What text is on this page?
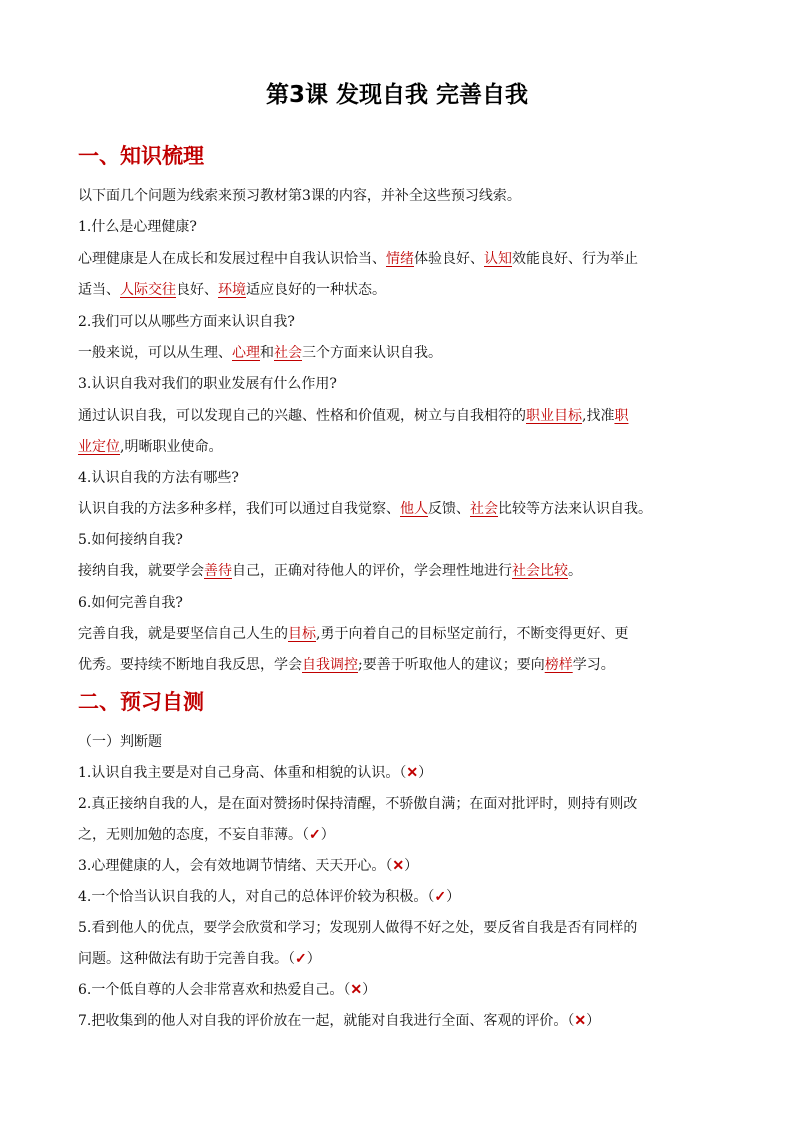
第3课 发现自我 完善自我
一、知识梳理
以下面几个问题为线索来预习教材第3课的内容，并补全这些预习线索。
1.什么是心理健康?
心理健康是人在成长和发展过程中自我认识恰当、情绪体验良好、认知效能良好、行为举止
适当、人际交往良好、环境适应良好的一种状态。
2.我们可以从哪些方面来认识自我?
一般来说，可以从生理、心理和社会三个方面来认识自我。
3.认识自我对我们的职业发展有什么作用?
通过认识自我，可以发现自己的兴趣、性格和价值观，树立与自我相符的职业目标,找准职
业定位,明晰职业使命。
4.认识自我的方法有哪些?
认识自我的方法多种多样，我们可以通过自我觉察、他人反馈、社会比较等方法来认识自我。
5.如何接纳自我?
接纳自我，就要学会善待自己，正确对待他人的评价，学会理性地进行社会比较。
6.如何完善自我?
完善自我，就是要坚信自己人生的目标,勇于向着自己的目标坚定前行，不断变得更好、更
优秀。要持续不断地自我反思，学会自我调控;要善于听取他人的建议；要向榜样学习。
二、预习自测
（一）判断题
1.认识自我主要是对自己身高、体重和相貌的认识。（✕）
2.真正接纳自我的人，是在面对赞扬时保持清醒，不骄傲自满；在面对批评时，则持有则改
之，无则加勉的态度，不妄自菲薄。（✓）
3.心理健康的人，会有效地调节情绪、天天开心。（✕）
4.一个恰当认识自我的人，对自己的总体评价较为积极。（✓）
5.看到他人的优点，要学会欣赏和学习；发现别人做得不好之处，要反省自我是否有同样的
问题。这种做法有助于完善自我。（✓）
6.一个低自尊的人会非常喜欢和热爱自己。（✕）
7.把收集到的他人对自我的评价放在一起，就能对自我进行全面、客观的评价。（✕）
